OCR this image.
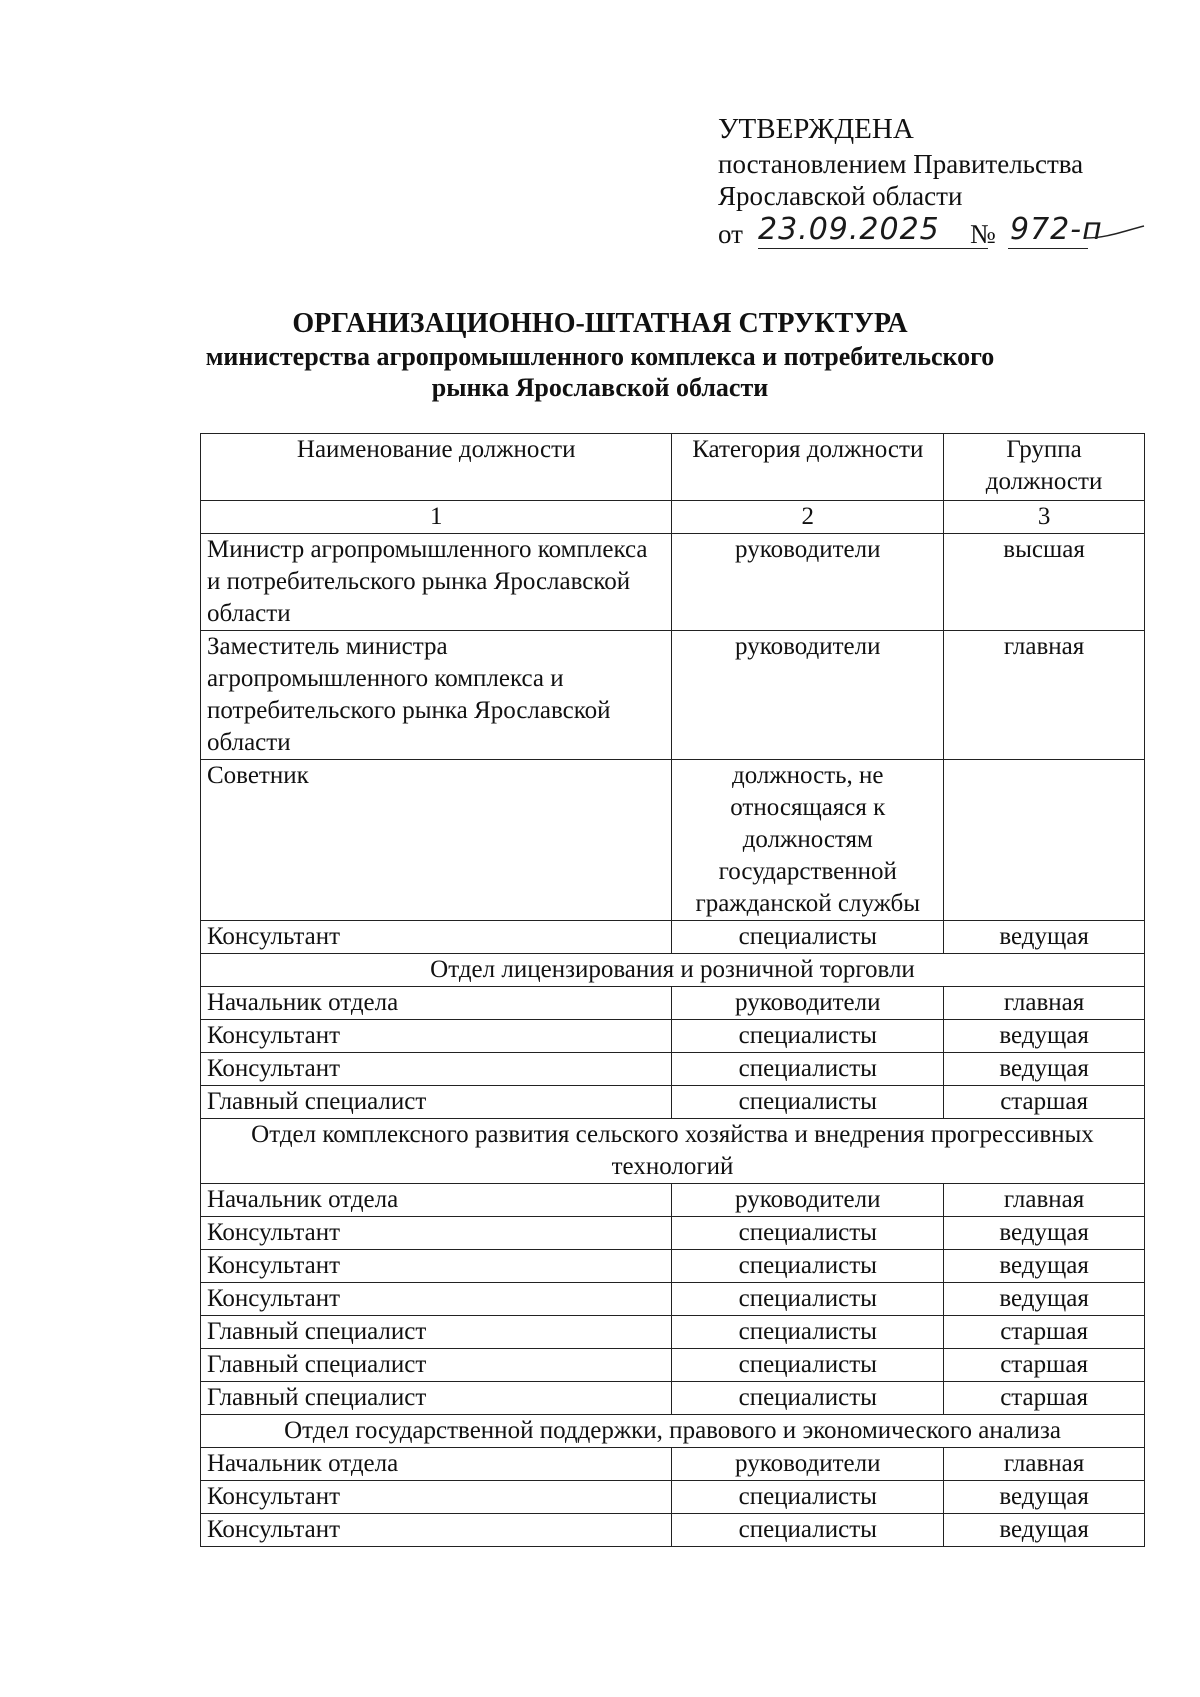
УТВЕРЖДЕНА
постановлением Правительства
Ярославской области
от 23.09.2025 № 972-п
ОРГАНИЗАЦИОННО-ШТАТНАЯ СТРУКТУРА
министерства агропромышленного комплекса и потребительского
рынка Ярославской области
Наименование должности	Категория должности	Группа должности
1	2	3
Министр агропромышленного комплекса и потребительского рынка Ярославской области	руководители	высшая
Заместитель министра агропромышленного комплекса и потребительского рынка Ярославской области	руководители	главная
Советник	должность, не относящаяся к должностям государственной гражданской службы	
Консультант	специалисты	ведущая
Отдел лицензирования и розничной торговли		
Начальник отдела	руководители	главная
Консультант	специалисты	ведущая
Консультант	специалисты	ведущая
Главный специалист	специалисты	старшая
Отдел комплексного развития сельского хозяйства и внедрения прогрессивных технологий		
Начальник отдела	руководители	главная
Консультант	специалисты	ведущая
Консультант	специалисты	ведущая
Консультант	специалисты	ведущая
Главный специалист	специалисты	старшая
Главный специалист	специалисты	старшая
Главный специалист	специалисты	старшая
Отдел государственной поддержки, правового и экономического анализа		
Начальник отдела	руководители	главная
Консультант	специалисты	ведущая
Консультант	специалисты	ведущая
